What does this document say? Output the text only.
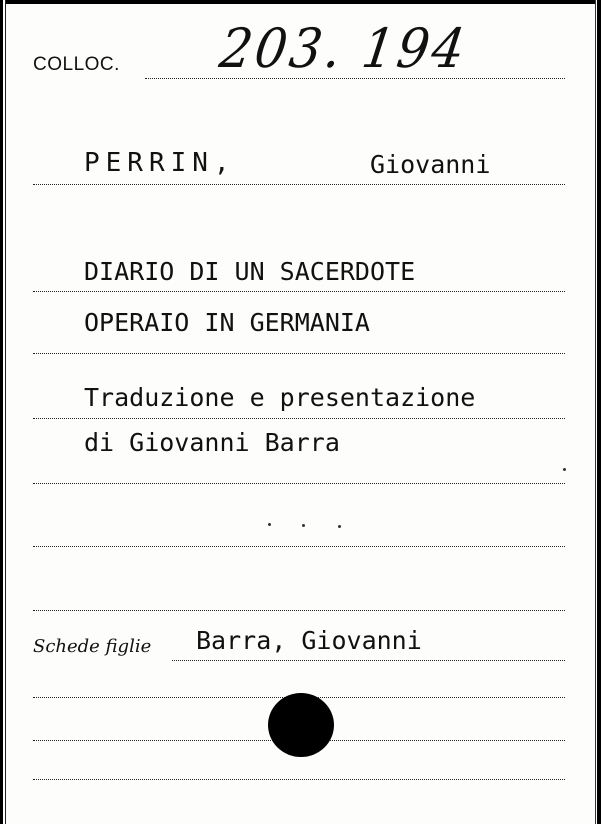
COLLOC. 203. 194
PERRIN,	Giovanni
DIARIO DI UN SACERDOTE
OPERAIO IN GERMANIA
Traduzione e presentazione
di Giovanni Barra
Schede figlie Barra, Giovanni
